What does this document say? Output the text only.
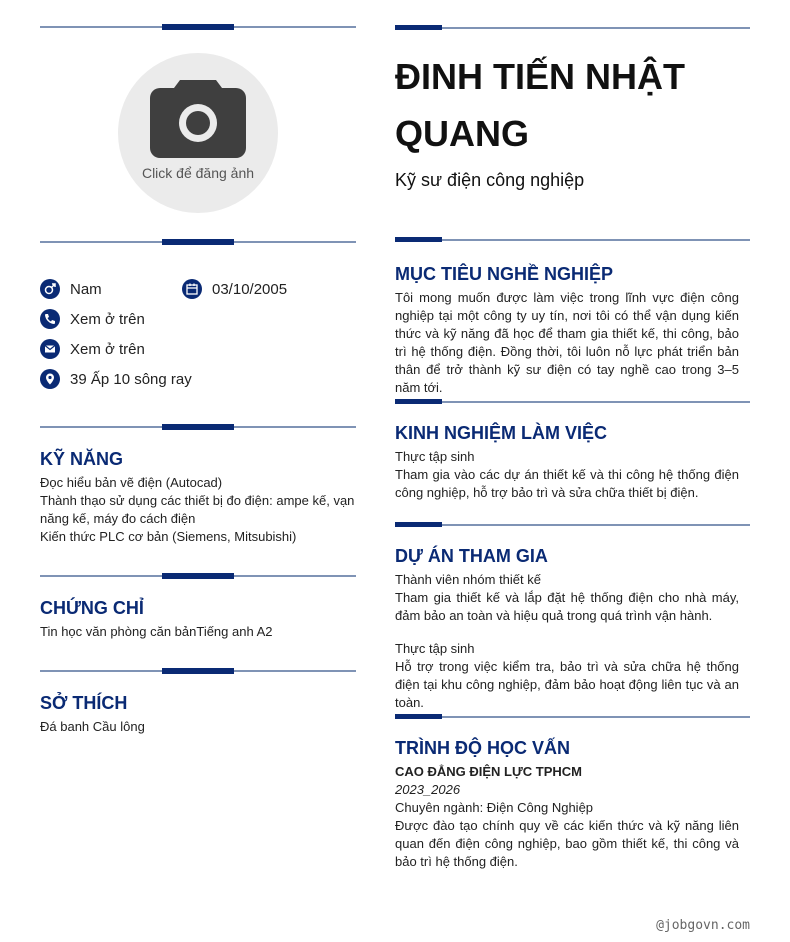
Click để đăng ảnh
Nam	03/10/2005
Xem ở trên
Xem ở trên
39 Ấp 10 sông ray
KỸ NĂNG
Đọc hiểu bản vẽ điện (Autocad)
Thành thạo sử dụng các thiết bị đo điện: ampe kế, vạn năng kế, máy đo cách điện
Kiến thức PLC cơ bản (Siemens, Mitsubishi)
CHỨNG CHỈ
Tin học văn phòng căn bảnTiếng anh A2
SỞ THÍCH
Đá banh Cầu lông
ĐINH TIẾN NHẬT QUANG
Kỹ sư điện công nghiệp
MỤC TIÊU NGHỀ NGHIỆP
Tôi mong muốn được làm việc trong lĩnh vực điện công nghiệp tại một công ty uy tín, nơi tôi có thể vận dụng kiến thức và kỹ năng đã học để tham gia thiết kế, thi công, bảo trì hệ thống điện. Đồng thời, tôi luôn nỗ lực phát triển bản thân để trở thành kỹ sư điện có tay nghề cao trong 3–5 năm tới.
KINH NGHIỆM LÀM VIỆC
Thực tập sinh
Tham gia vào các dự án thiết kế và thi công hệ thống điện công nghiệp, hỗ trợ bảo trì và sửa chữa thiết bị điện.
DỰ ÁN THAM GIA
Thành viên nhóm thiết kế
Tham gia thiết kế và lắp đặt hệ thống điện cho nhà máy, đảm bảo an toàn và hiệu quả trong quá trình vận hành.
Thực tập sinh
Hỗ trợ trong việc kiểm tra, bảo trì và sửa chữa hệ thống điện tại khu công nghiệp, đảm bảo hoạt động liên tục và an toàn.
TRÌNH ĐỘ HỌC VẤN
CAO ĐẲNG ĐIỆN LỰC TPHCM
2023_2026
Chuyên ngành: Điện Công Nghiệp
Được đào tạo chính quy về các kiến thức và kỹ năng liên quan đến điện công nghiệp, bao gồm thiết kế, thi công và bảo trì hệ thống điện.
@jobgovn.com
